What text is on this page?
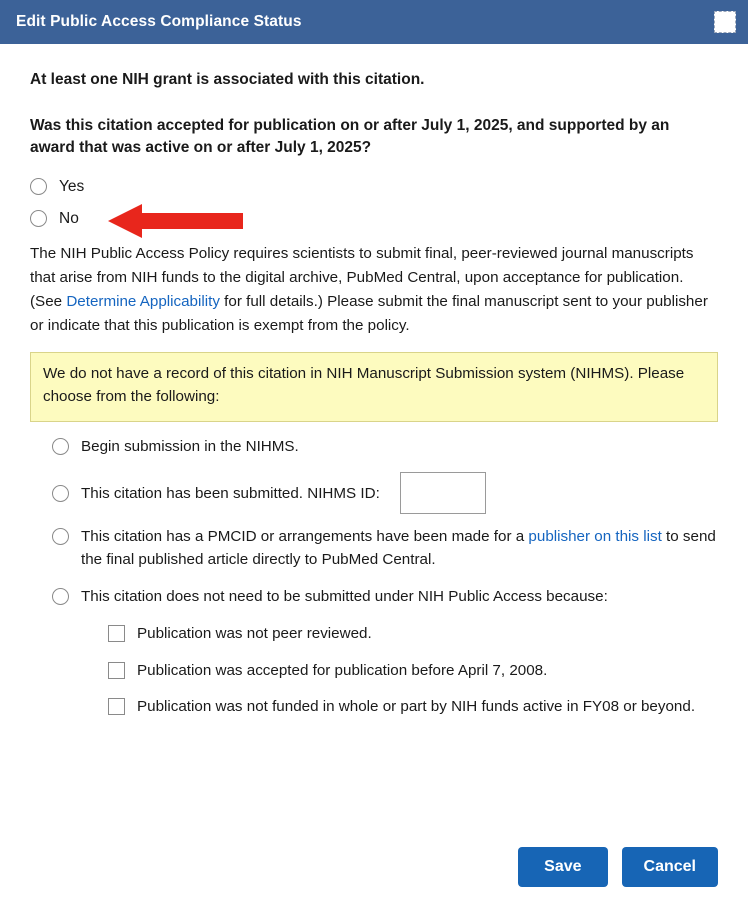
Edit Public Access Compliance Status

At least one NIH grant is associated with this citation.

Was this citation accepted for publication on or after July 1, 2025, and supported by an award that was active on or after July 1, 2025?

Yes
No

The NIH Public Access Policy requires scientists to submit final, peer-reviewed journal manuscripts that arise from NIH funds to the digital archive, PubMed Central, upon acceptance for publication. (See Determine Applicability for full details.) Please submit the final manuscript sent to your publisher or indicate that this publication is exempt from the policy.

We do not have a record of this citation in NIH Manuscript Submission system (NIHMS). Please choose from the following:
Begin submission in the NIHMS.
This citation has been submitted. NIHMS ID:
This citation has a PMCID or arrangements have been made for a publisher on this list to send the final published article directly to PubMed Central.
This citation does not need to be submitted under NIH Public Access because:
Publication was not peer reviewed.
Publication was accepted for publication before April 7, 2008.
Publication was not funded in whole or part by NIH funds active in FY08 or beyond.
Save	Cancel
